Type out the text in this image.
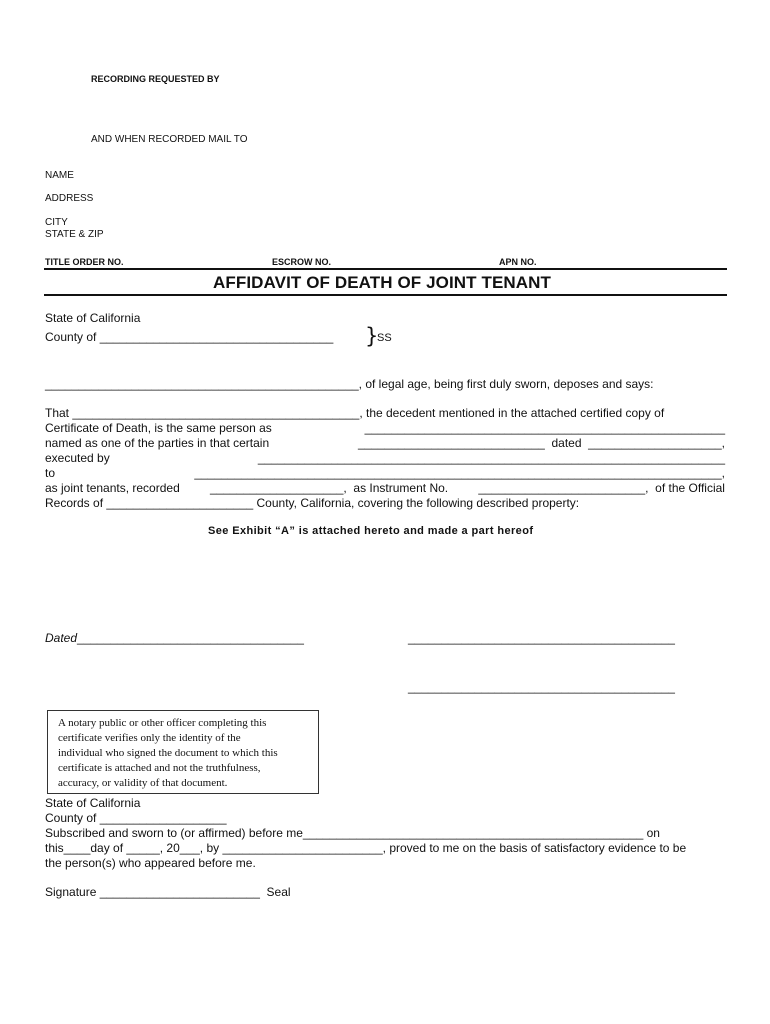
RECORDING REQUESTED BY
AND WHEN RECORDED MAIL TO
NAME
ADDRESS
CITY
STATE & ZIP
TITLE ORDER NO.	ESCROW NO.	APN NO.
AFFIDAVIT OF DEATH OF JOINT TENANT
State of California
County of ___________________________________ }
SS
_______________________________________________, of legal age, being first duly sworn, deposes and says:
That ___________________________________________, the decedent mentioned in the attached certified copy of
Certificate of Death, is the same person as	______________________________________________________
named as one of the parties in that certain	____________________________  dated  ____________________,
executed by	______________________________________________________________________
to	_______________________________________________________________________________,
as joint tenants, recorded	____________________,  as Instrument No.	_________________________,  of the Official
Records of ______________________ County, California, covering the following described property:
See Exhibit “A” is attached hereto and made a part hereof
Dated__________________________________	________________________________________
________________________________________
A notary public or other officer completing this
certificate verifies only the identity of the
individual who signed the document to which this
certificate is attached and not the truthfulness,
accuracy, or validity of that document.
State of California
County of ___________________
Subscribed and sworn to (or affirmed) before me___________________________________________________ on
this____day of _____, 20___, by ________________________, proved to me on the basis of satisfactory evidence to be
the person(s) who appeared before me.
Signature ________________________  Seal
